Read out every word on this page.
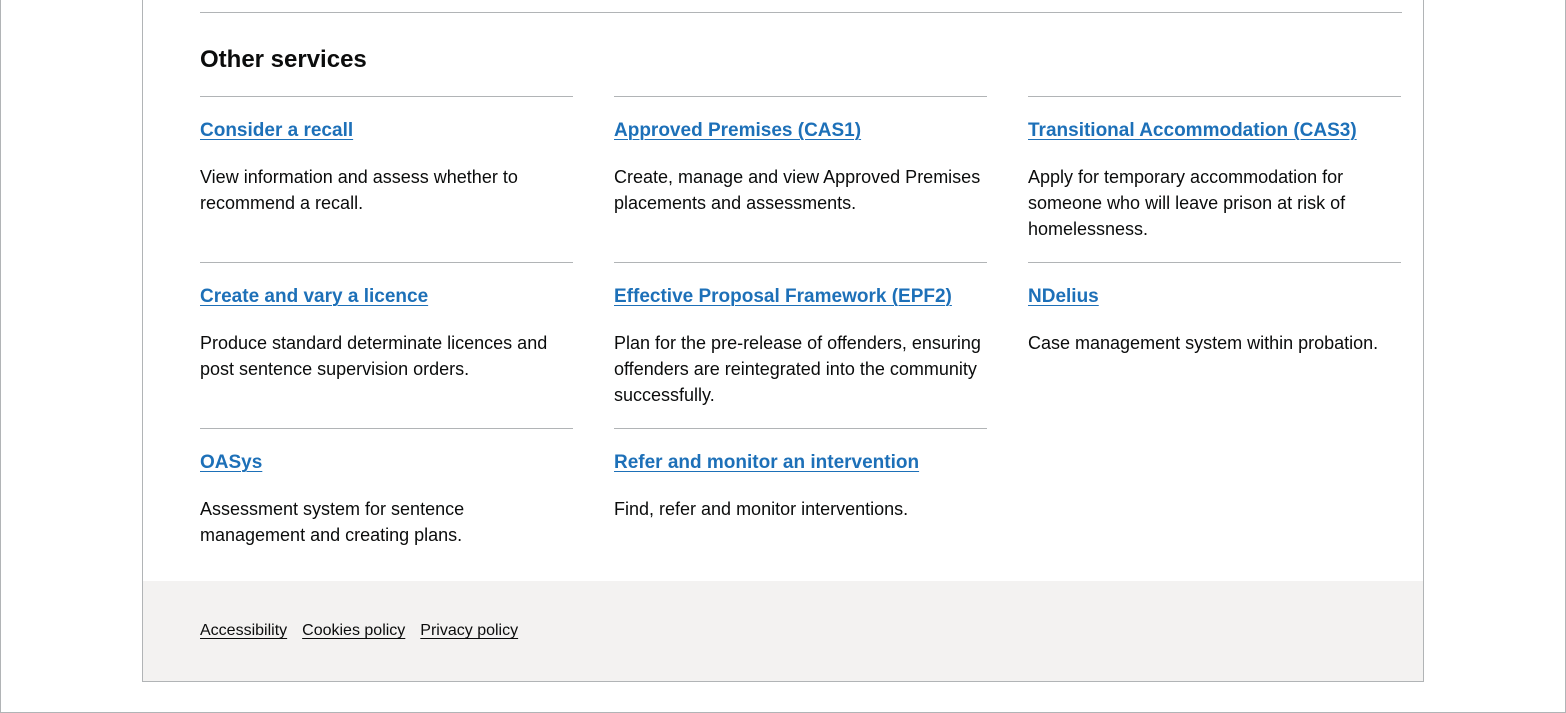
Other services
Consider a recall

View information and assess whether to recommend a recall.

Approved Premises (CAS1)

Create, manage and view Approved Premises placements and assessments.

Transitional Accommodation (CAS3)

Apply for temporary accommodation for someone who will leave prison at risk of homelessness.

Create and vary a licence

Produce standard determinate licences and post sentence supervision orders.

Effective Proposal Framework (EPF2)

Plan for the pre-release of offenders, ensuring offenders are reintegrated into the community successfully.

NDelius

Case management system within probation.

OASys

Assessment system for sentence management and creating plans.

Refer and monitor an intervention

Find, refer and monitor interventions.

Accessibility Cookies policy Privacy policy
